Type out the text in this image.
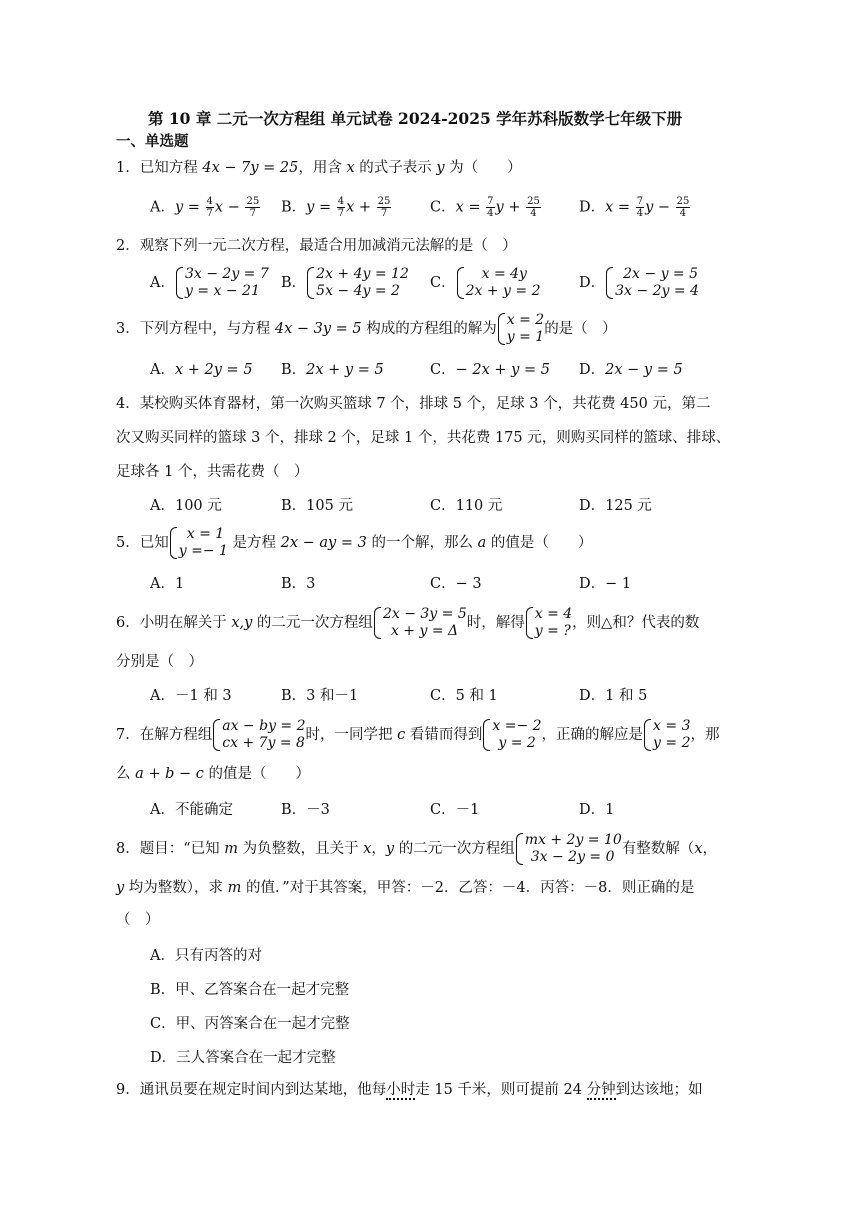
第 10 章 二元一次方程组 单元试卷 2024-2025 学年苏科版数学七年级下册
一、单选题
1．已知方程 4x − 7y = 25，用含 x 的式子表示 y 为（　　）
A．$y = \frac{4}{7}$ $x - \frac{25}{7}$ B．$y = \frac{4}{7}$ $x + \frac{25}{7}$	C．$x = \frac{7}{4}$ $y + \frac{25}{4}$	D．$x = \frac{7}{4}$ $y - \frac{25}{4}$
2．观察下列一元二次方程，最适合用加减消元法解的是（　）
A．
3x − 2y = 7
y = x − 21	B．
2x + 4y = 12
5x − 4y = 2	C．
x = 4y
2x + y = 2	D．
2x − y = 5
3x − 2y = 4
3．下列方程中，与方程 4x − 3y = 5 构成的方程组的解为
x = 2
y = 1 的是（　）
A．x + 2y = 5 B．2x + y = 5	C．− 2x + y = 5 D．2x − y = 5
4．某校购买体育器材，第一次购买篮球 7 个，排球 5 个，足球 3 个，共花费 450 元，第二
次又购买同样的篮球 3 个，排球 2 个，足球 1 个，共花费 175 元，则购买同样的篮球、排球、
足球各 1 个，共需花费（　）
A．100 元	B．105 元	C．110 元	D．125 元
5．已知
x = 1
y =− 1 是方程 2x − ay = 3 的一个解，那么 a 的值是（　　）
A．1	B．3	C．− 3	D．− 1
6．小明在解关于 x,y 的二元一次方程组
2x − 3y = 5
x + y = Δ 时，解得
x = 4
y = ? ，则△和？代表的数
分别是（　）
A．－1 和 3	B．3 和－1	C．5 和 1	D．1 和 5
7．在解方程组
ax − by = 2
cx + 7y = 8 时，一同学把 c 看错而得到
x =− 2
y = 2 ，正确的解应是
x = 3
y = 2 ，那
么 a + b − c 的值是（　　）
A．不能确定	B．－3	C．－1	D．1
8．题目：“已知 m 为负整数，且关于 x，y 的二元一次方程组
mx + 2y = 10
3x − 2y = 0 有整数解（x，
y 均为整数），求 m 的值．”对于其答案，甲答：－2．乙答：－4．丙答：－8．则正确的是
（　）
A．只有丙答的对
B．甲、乙答案合在一起才完整
C．甲、丙答案合在一起才完整
D．三人答案合在一起才完整
9．通讯员要在规定时间内到达某地，他每小时走 15 千米，则可提前 24 分钟到达该地；如
